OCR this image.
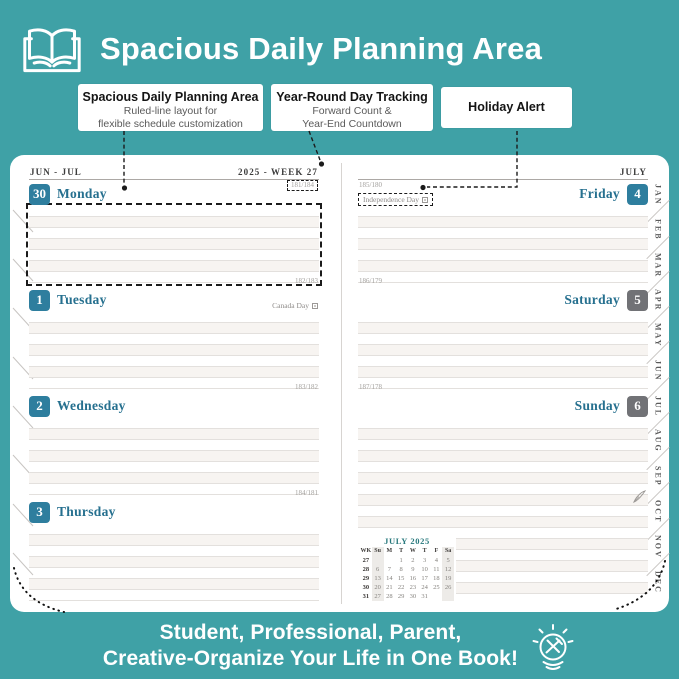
Spacious Daily Planning Area
Spacious Daily Planning Area
Ruled-line layout for
flexible schedule customization
Year-Round Day Tracking
Forward Count &
Year-End Countdown
Holiday Alert
JUN - JUL	2025 - WEEK 27
181/184
30 Monday
182/183
1	Tuesday	Canada Day
183/182
2	Wednesday
184/181
3	Thursday
JULY
185/180
Friday	4
Independence Day
186/179
Saturday	5
187/178
Sunday	6
JULY 2025
WK	Su	M	T	W	T	F	Sa
27			1	2	3	4	5
28	6	7	8	9	10	11	12
29	13	14	15	16	17	18	19
30	20	21	22	23	24	25	26
31	27	28	29	30	31		
JAN
FEB
MAR
APR
MAY
JUN
JUL
AUG
SEP
OCT
NOV
DEC
Student, Professional, Parent,
Creative-Organize Your Life in One Book!
